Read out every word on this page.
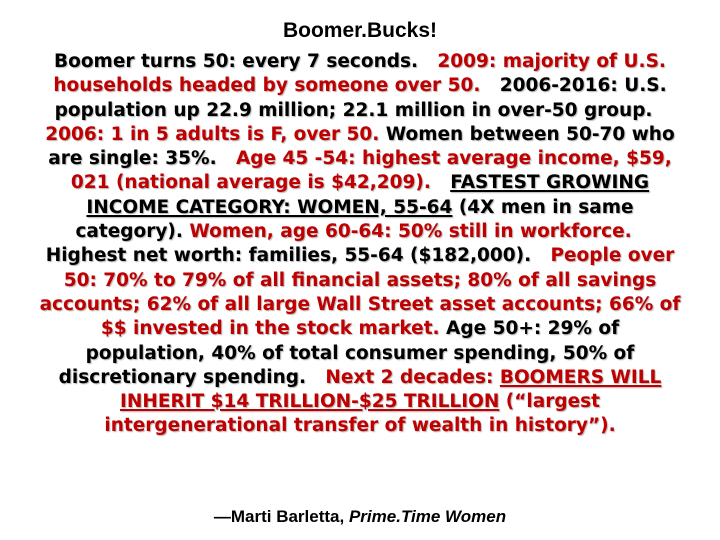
Boomer.Bucks!
Boomer turns 50: every 7 seconds. 2009: majority of U.S. households headed by someone over 50. 2006-2016: U.S. population up 22.9 million; 22.1 million in over-50 group.   2006: 1 in 5 adults is F, over 50. Women between 50-70 who are single: 35%. Age 45 -54: highest average income, $59, 021 (national average is $42,209). FASTEST GROWING INCOME CATEGORY: WOMEN, 55-64 (4X men in same category). Women, age 60-64: 50% still in workforce.   Highest net worth: families, 55-64 ($182,000). People over 50: 70% to 79% of all financial assets; 80% of all savings accounts; 62% of all large Wall Street asset accounts; 66% of $$ invested in the stock market. Age 50+: 29% of population, 40% of total consumer spending, 50% of discretionary spending. Next 2 decades: BOOMERS WILL INHERIT $14 TRILLION-$25 TRILLION (“largest intergenerational transfer of wealth in history”).
—Marti Barletta, Prime.Time Women
